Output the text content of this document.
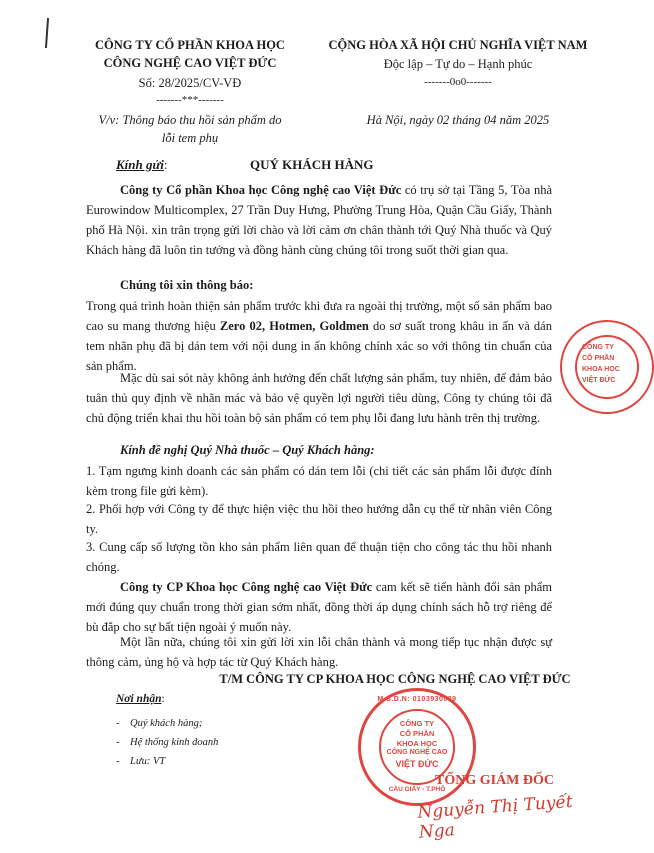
CÔNG TY CỔ PHẦN KHOA HỌC
CÔNG NGHỆ CAO VIỆT ĐỨC
Số: 28/2025/CV-VĐ
-------***-------
V/v: Thông báo thu hồi sản phẩm do
lỗi tem phụ
CỘNG HÒA XÃ HỘI CHỦ NGHĨA VIỆT NAM
Độc lập – Tự do – Hạnh phúc
-------0o0-------
Hà Nội, ngày 02 tháng 04 năm 2025
Kính gửi:	QUÝ KHÁCH HÀNG
Công ty Cổ phần Khoa học Công nghệ cao Việt Đức có trụ sở tại Tầng 5, Tòa nhà Eurowindow Multicomplex, 27 Trần Duy Hưng, Phường Trung Hòa, Quận Cầu Giấy, Thành phố Hà Nội. xin trân trọng gửi lời chào và lời cảm ơn chân thành tới Quý Nhà thuốc và Quý Khách hàng đã luôn tin tưởng và đồng hành cùng chúng tôi trong suốt thời gian qua.
Chúng tôi xin thông báo:
Trong quá trình hoàn thiện sản phẩm trước khi đưa ra ngoài thị trường, một số sản phẩm bao cao su mang thương hiệu Zero 02, Hotmen, Goldmen do sơ suất trong khâu in ấn và dán tem nhãn phụ đã bị dán tem với nội dung in ấn không chính xác so với thông tin chuẩn của sản phẩm.
Mặc dù sai sót này không ảnh hưởng đến chất lượng sản phẩm, tuy nhiên, để đảm bảo tuân thủ quy định về nhãn mác và bảo vệ quyền lợi người tiêu dùng, Công ty chúng tôi đã chủ động triển khai thu hồi toàn bộ sản phẩm có tem phụ lỗi đang lưu hành trên thị trường.
Kính đề nghị Quý Nhà thuốc – Quý Khách hàng:
1. Tạm ngưng kinh doanh các sản phẩm có dán tem lỗi (chi tiết các sản phẩm lỗi được đính kèm trong file gửi kèm).
2. Phối hợp với Công ty để thực hiện việc thu hồi theo hướng dẫn cụ thể từ nhân viên Công ty.
3. Cung cấp số lượng tồn kho sản phẩm liên quan để thuận tiện cho công tác thu hồi nhanh chóng.
Công ty CP Khoa học Công nghệ cao Việt Đức cam kết sẽ tiến hành đổi sản phẩm mới đúng quy chuẩn trong thời gian sớm nhất, đồng thời áp dụng chính sách hỗ trợ riêng để bù đắp cho sự bất tiện ngoài ý muốn này.
Một lần nữa, chúng tôi xin gửi lời xin lỗi chân thành và mong tiếp tục nhận được sự thông cảm, ủng hộ và hợp tác từ Quý Khách hàng.
T/M CÔNG TY CP KHOA HỌC CÔNG NGHỆ CAO VIỆT ĐỨC
Nơi nhận:
-    Quý khách hàng;
-    Hệ thống kinh doanh
-    Lưu: VT
M.S.D.N: 0103930039
CÔNG TY
CỔ PHẦN
KHOA HỌC
CÔNG NGHỆ CAO
VIỆT ĐỨC
CẦU GIẤY - T.PHỐ
CÔNG TY
CỔ PHẦN
KHOA HỌC
VIỆT ĐỨC
TỔNG GIÁM ĐỐC
Nguyễn Thị Tuyết Nga
